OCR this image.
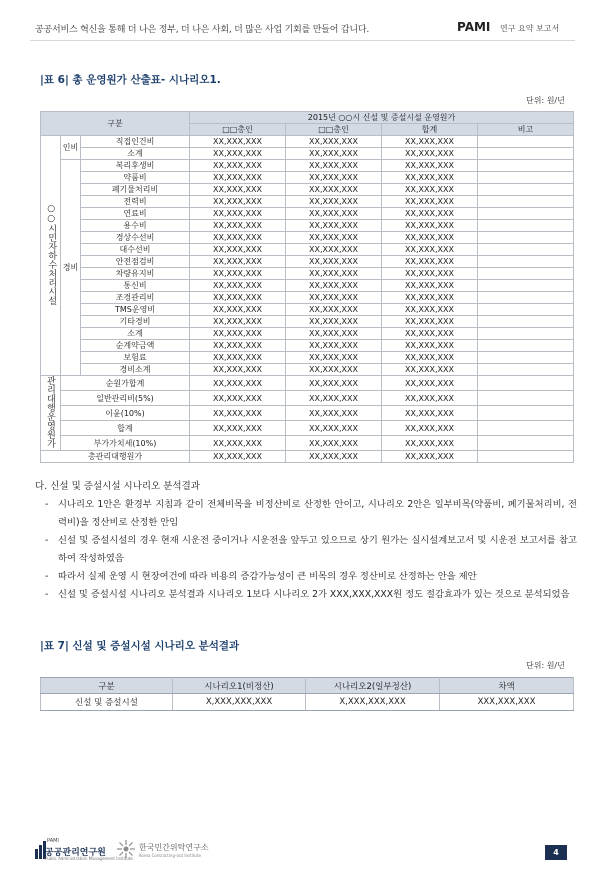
공공서비스 혁신을 통해 더 나은 정부, 더 나은 사회, 더 많은 사업 기회를 만들어 갑니다.	PAMI 연구 요약 보고서
|표 6| 총 운영원가 산출표- 시나리오1.
단위: 원/년
구분			2015년 ○○시 신설 및 증설시설 운영원가			
			□□총인	□□총인	합계	비고
○○시민자하수처리시설	인비	직접인건비	XX,XXX,XXX	XX,XXX,XXX	XX,XXX,XXX	
		소계	XX,XXX,XXX	XX,XXX,XXX	XX,XXX,XXX	
	경비	복리후생비	XX,XXX,XXX	XX,XXX,XXX	XX,XXX,XXX	
		약품비	XX,XXX,XXX	XX,XXX,XXX	XX,XXX,XXX	
		폐기물처리비	XX,XXX,XXX	XX,XXX,XXX	XX,XXX,XXX	
		전력비	XX,XXX,XXX	XX,XXX,XXX	XX,XXX,XXX	
		연료비	XX,XXX,XXX	XX,XXX,XXX	XX,XXX,XXX	
		용수비	XX,XXX,XXX	XX,XXX,XXX	XX,XXX,XXX	
		경상수선비	XX,XXX,XXX	XX,XXX,XXX	XX,XXX,XXX	
		대수선비	XX,XXX,XXX	XX,XXX,XXX	XX,XXX,XXX	
		안전점검비	XX,XXX,XXX	XX,XXX,XXX	XX,XXX,XXX	
		차량유지비	XX,XXX,XXX	XX,XXX,XXX	XX,XXX,XXX	
		통신비	XX,XXX,XXX	XX,XXX,XXX	XX,XXX,XXX	
		조경관리비	XX,XXX,XXX	XX,XXX,XXX	XX,XXX,XXX	
		TMS운영비	XX,XXX,XXX	XX,XXX,XXX	XX,XXX,XXX	
		기타경비	XX,XXX,XXX	XX,XXX,XXX	XX,XXX,XXX	
		소계	XX,XXX,XXX	XX,XXX,XXX	XX,XXX,XXX	
		순계약금액	XX,XXX,XXX	XX,XXX,XXX	XX,XXX,XXX	
		보험료	XX,XXX,XXX	XX,XXX,XXX	XX,XXX,XXX	
		경비소계	XX,XXX,XXX	XX,XXX,XXX	XX,XXX,XXX	
관리대행운영원가	순원가합계		XX,XXX,XXX	XX,XXX,XXX	XX,XXX,XXX	
	일반관리비(5%)		XX,XXX,XXX	XX,XXX,XXX	XX,XXX,XXX	
	이윤(10%)		XX,XXX,XXX	XX,XXX,XXX	XX,XXX,XXX	
	합계		XX,XXX,XXX	XX,XXX,XXX	XX,XXX,XXX	
	부가가치세(10%)		XX,XXX,XXX	XX,XXX,XXX	XX,XXX,XXX	
총관리대행원가			XX,XXX,XXX	XX,XXX,XXX	XX,XXX,XXX	
다. 신설 및 증설시설 시나리오 분석결과
- 시나리오 1안은 환경부 지침과 같이 전체비목을 비정산비로 산정한 안이고, 시나리오 2안은 일부비목(약품비, 폐기물처리비, 전력비)을 정산비로 산정한 안임
- 신설 및 증설시설의 경우 현재 시운전 중이거나 시운전을 앞두고 있으므로 상기 원가는 실시설계보고서 및 시운전 보고서를 참고하여 작성하였음
- 따라서 실제 운영 시 현장여건에 따라 비용의 증감가능성이 큰 비목의 경우 정산비로 산정하는 안을 제안
- 신설 및 증설시설 시나리오 분석결과 시나리오 1보다 시나리오 2가 XXX,XXX,XXX원 정도 절감효과가 있는 것으로 분석되었음
|표 7| 신설 및 증설시설 시나리오 분석결과
단위: 원/년
구분	시나리오1(비정산)	시나리오2(일부정산)	차액
신설 및 증설시설	X,XXX,XXX,XXX	X,XXX,XXX,XXX	XXX,XXX,XXX
PAMI
공공관리연구원
Public Administration Management Institute
한국민간위탁연구소
Korea Contracting-out Institute	4
